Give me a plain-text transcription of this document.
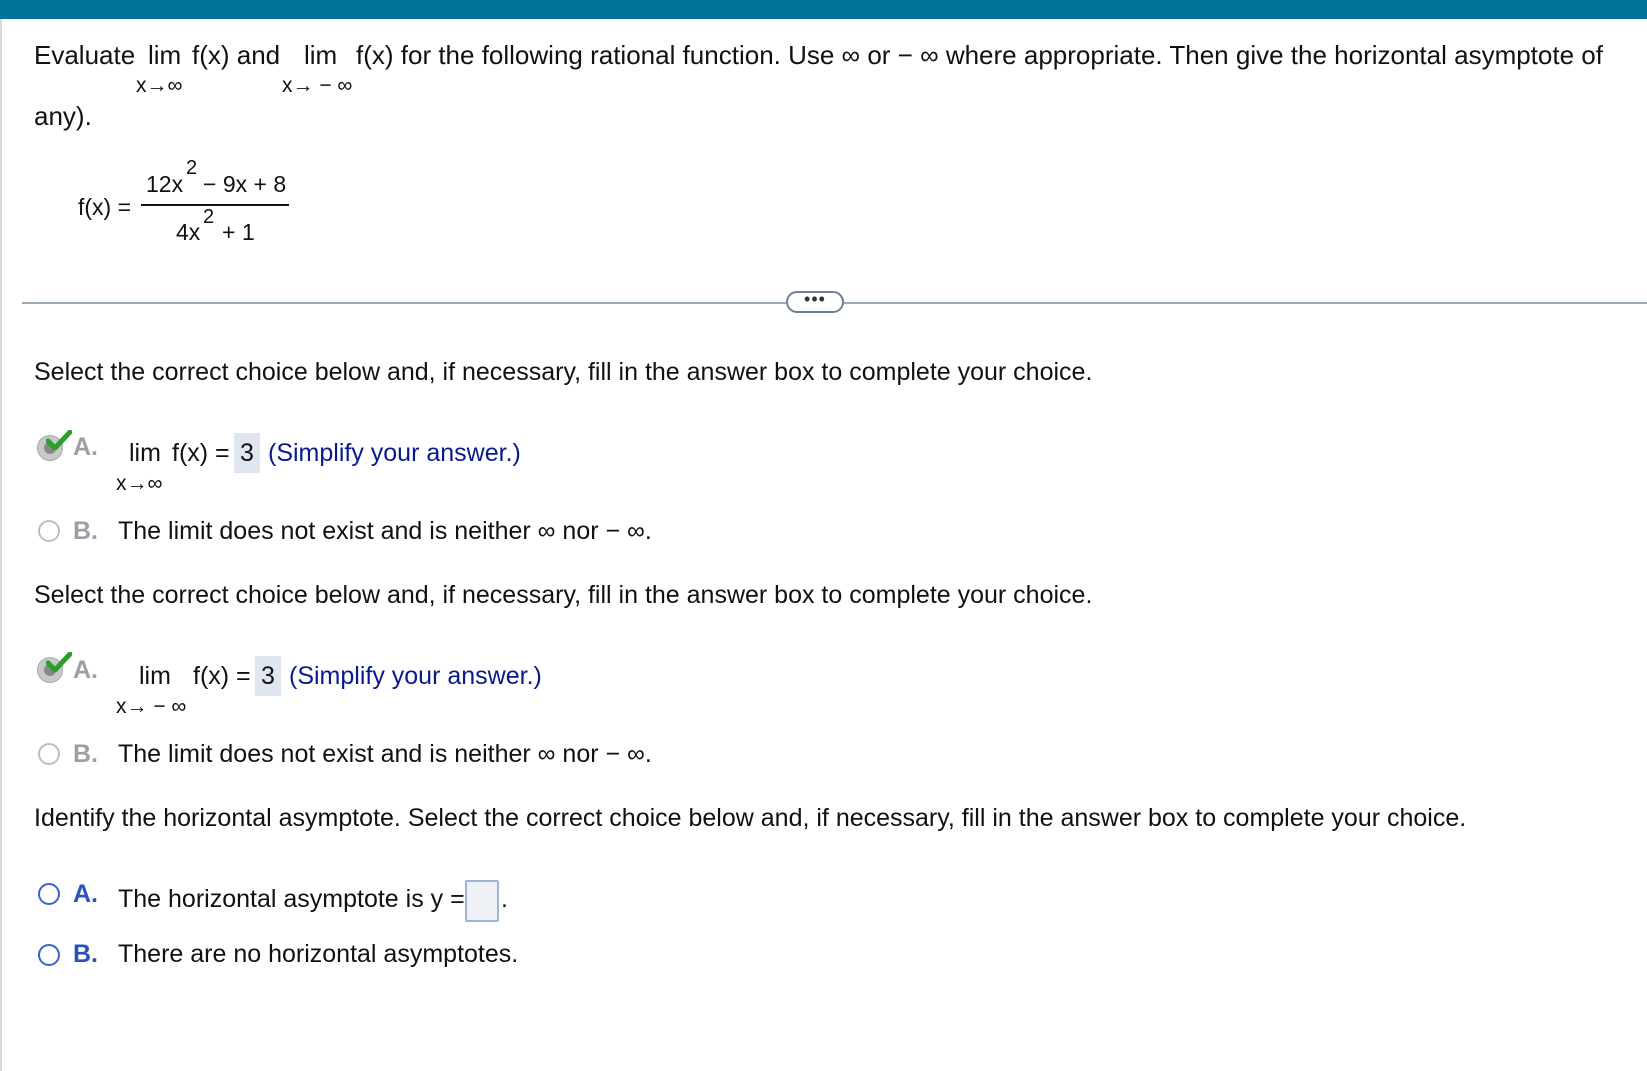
Evaluate lim f(x) and
x→∞
lim f(x) for the following rational function. Use ∞ or − ∞ where appropriate. Then give the horizontal asymptote of
x→ − ∞
any).
f(x) =
12x
2
− 9x + 8
4x
2
+ 1
•••
Select the correct choice below and, if necessary, fill in the answer box to complete your choice.
A. lim f(x) =
x→∞
3 (Simplify your answer.)
B. The limit does not exist and is neither ∞ nor − ∞.
Select the correct choice below and, if necessary, fill in the answer box to complete your choice.
A. lim f(x) =
x→ − ∞
3 (Simplify your answer.)
B. The limit does not exist and is neither ∞ nor − ∞.
Identify the horizontal asymptote. Select the correct choice below and, if necessary, fill in the answer box to complete your choice.
A. The horizontal asymptote is y = .
B. There are no horizontal asymptotes.
